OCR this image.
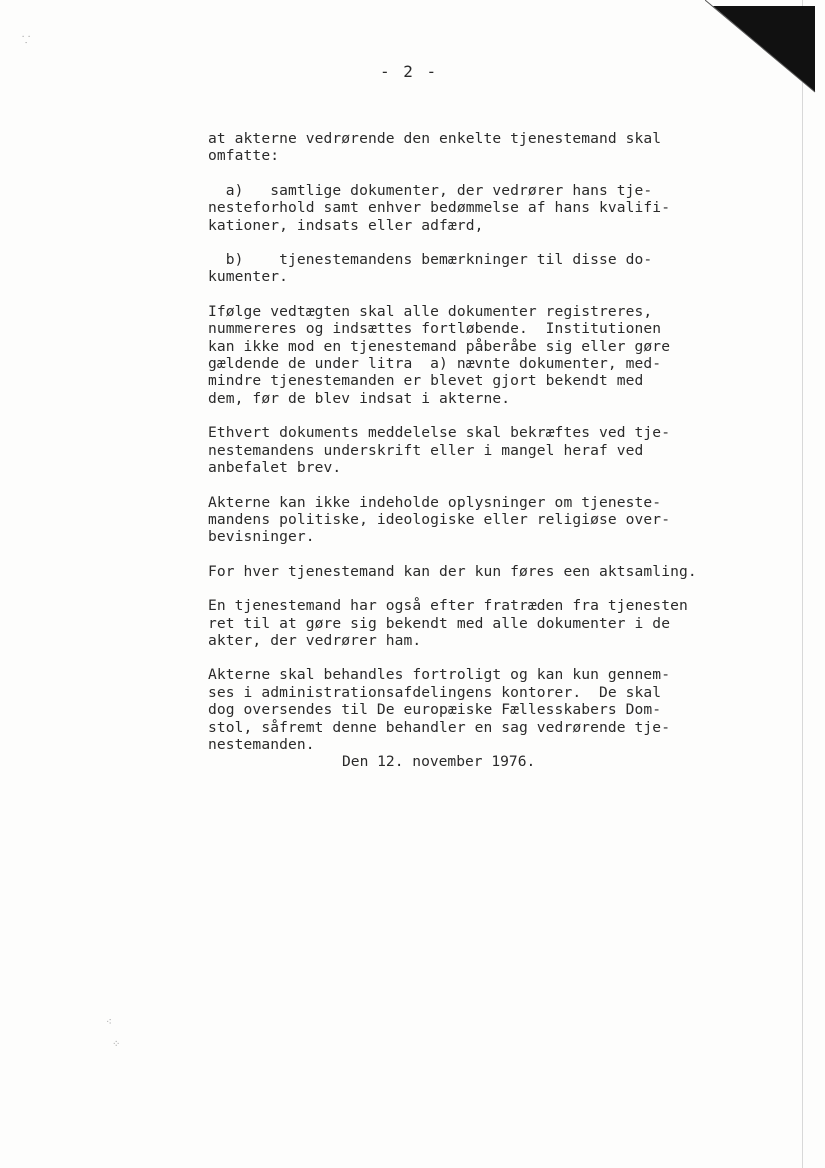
⸪
⁖
⁘
- 2 -

at akterne vedrørende den enkelte tjenestemand skal
omfatte:

a)   samtlige dokumenter, der vedrører hans tje-
nesteforhold samt enhver bedømmelse af hans kvalifi-
kationer, indsats eller adfærd,

b)    tjenestemandens bemærkninger til disse do-
kumenter.

Ifølge vedtægten skal alle dokumenter registreres,
nummereres og indsættes fortløbende.  Institutionen
kan ikke mod en tjenestemand påberåbe sig eller gøre
gældende de under litra  a) nævnte dokumenter, med-
mindre tjenestemanden er blevet gjort bekendt med
dem, før de blev indsat i akterne.

Ethvert dokuments meddelelse skal bekræftes ved tje-
nestemandens underskrift eller i mangel heraf ved
anbefalet brev.

Akterne kan ikke indeholde oplysninger om tjeneste-
mandens politiske, ideologiske eller religiøse over-
bevisninger.

For hver tjenestemand kan der kun føres een aktsamling.

En tjenestemand har også efter fratræden fra tjenesten
ret til at gøre sig bekendt med alle dokumenter i de
akter, der vedrører ham.

Akterne skal behandles fortroligt og kan kun gennem-
ses i administrationsafdelingens kontorer.  De skal
dog oversendes til De europæiske Fællesskabers Dom-
stol, såfremt denne behandler en sag vedrørende tje-
nestemanden.

Den 12. november 1976.
